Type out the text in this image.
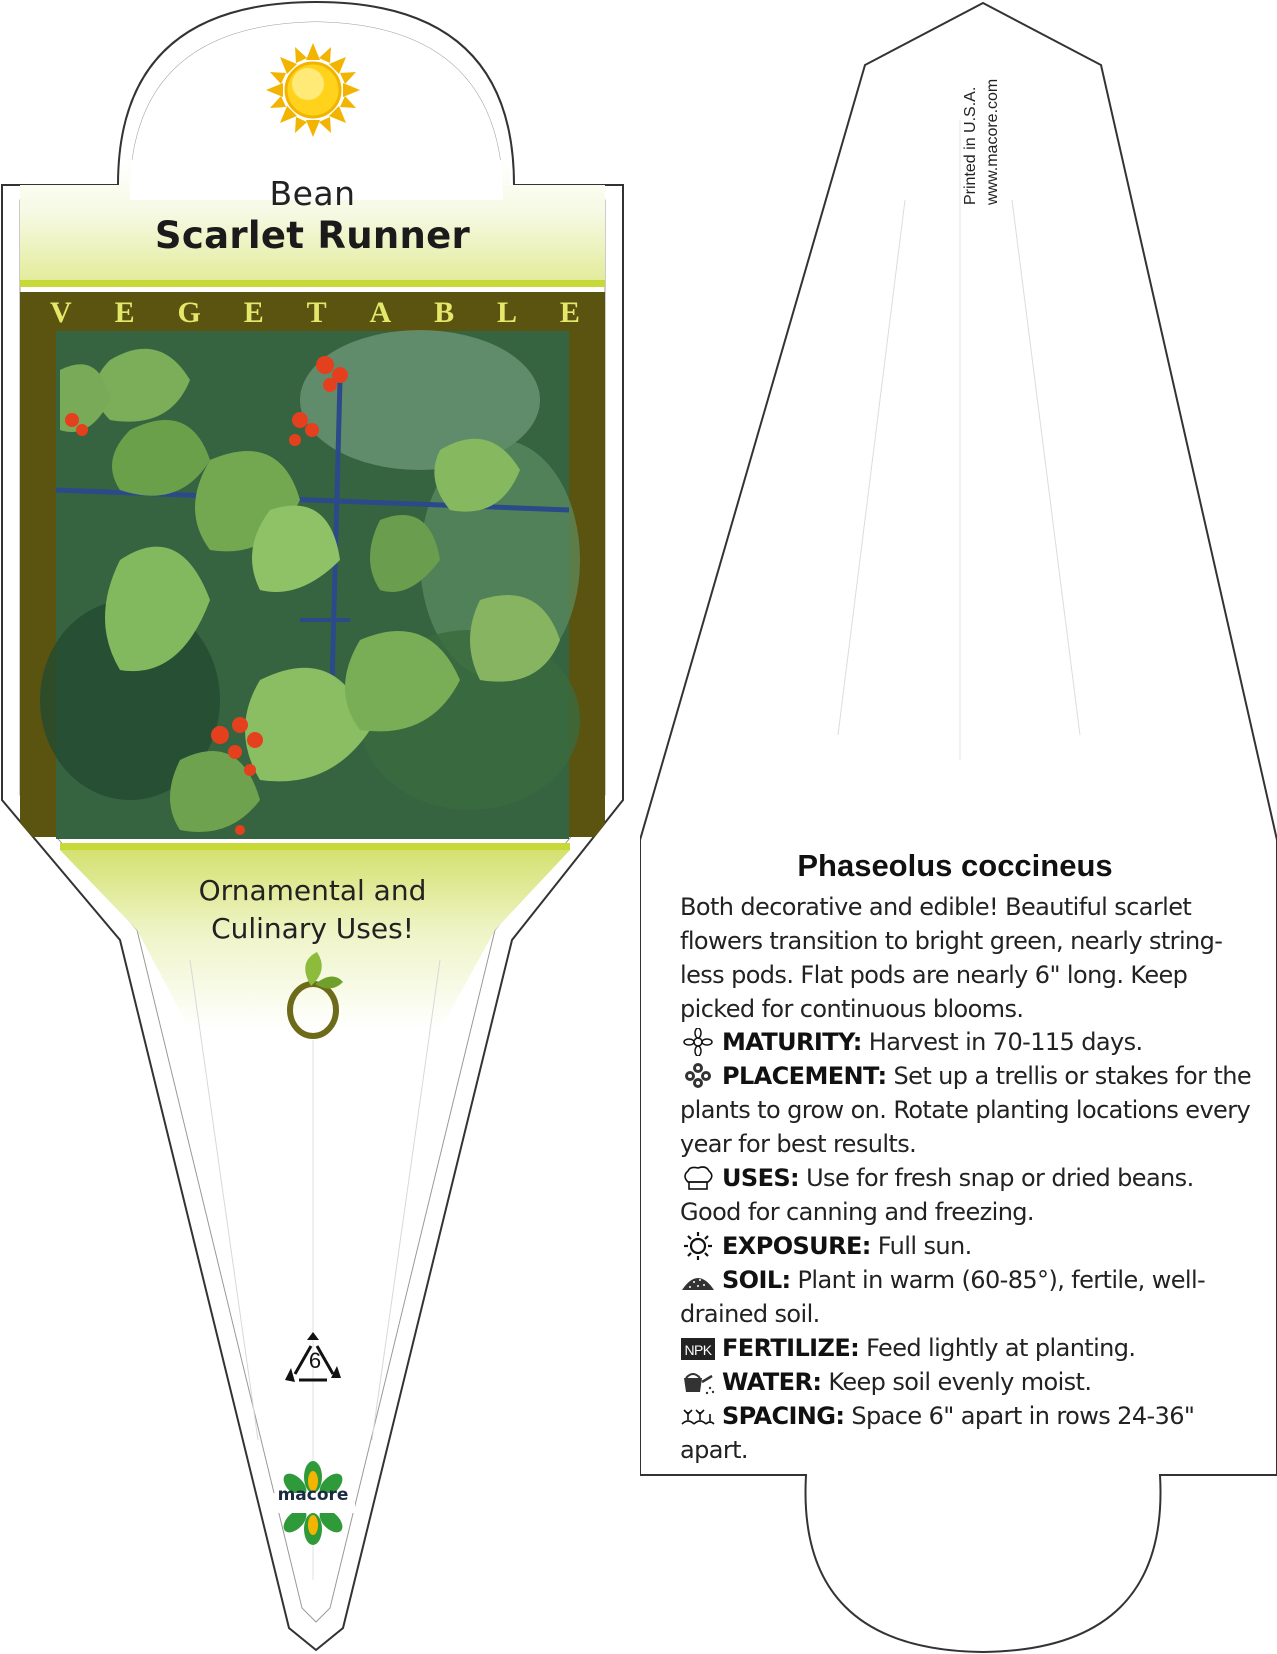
Bean
Scarlet Runner
V E G E T A B L E
Ornamental and
Culinary Uses!
6
macore
Printed in U.S.A. www.macore.com
Phaseolus coccineus
Both decorative and edible! Beautiful scarlet flowers transition to bright green, nearly string-less pods. Flat pods are nearly 6" long. Keep picked for continuous blooms.
MATURITY: Harvest in 70-115 days.
PLACEMENT: Set up a trellis or stakes for the plants to grow on. Rotate planting locations every year for best results.
USES: Use for fresh snap or dried beans. Good for canning and freezing.
EXPOSURE: Full sun.
SOIL: Plant in warm (60-85°), fertile, well-drained soil.
NPK FERTILIZE: Feed lightly at planting.
WATER: Keep soil evenly moist.
SPACING: Space 6" apart in rows 24-36" apart.
